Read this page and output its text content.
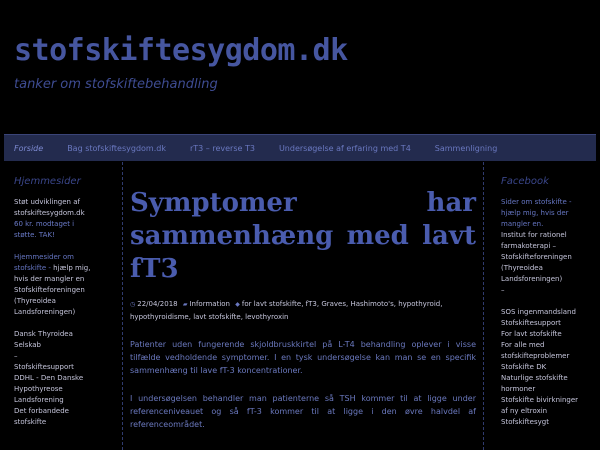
stofskiftesygdom.dk
tanker om stofskiftebehandling
Forside	Bag stofskiftesygdom.dk	rT3 – reverse T3	Undersøgelse af erfaring med T4	Sammenligning
Hjemmesider
Støt udviklingen af
stofskiftesygdom.dk
60 kr. modtaget i
støtte. TAK!
Hjemmesider om
stofskifte - hjælp mig,
hvis der mangler en
Stofskifteforeningen
(Thyreoidea
Landsforeningen)
Dansk Thyroidea
Selskab
–
Stofskiftesupport
DDHL - Den Danske
Hypothyreose
Landsforening
Det forbandede
stofskifte
Symptomer	har
sammenhæng med lavt
fT3
◷ 22/04/2018 ▰ Information ◆ for lavt stofskifte, fT3, Graves, Hashimoto's, hypothyroid,
hypothyroidisme, lavt stofskifte, levothyroxin

Patienter uden fungerende skjoldbruskkirtel på L-T4 behandling oplever i visse tilfælde vedholdende symptomer. I en tysk undersøgelse kan man se en specifik sammenhæng til lave fT-3 koncentrationer.

I undersøgelsen behandler man patienterne så TSH kommer til at ligge under referenceniveauet og så fT-3 kommer til at ligge i den øvre halvdel af referenceområdet.

Facebook
Sider om stofskifte -
hjælp mig, hvis der
mangler en.
Institut for rationel
farmakoterapi –
Stofskifteforeningen
(Thyreoidea
Landsforeningen)
–
SOS ingenmandsland
Stofskiftesupport
For lavt stofskifte
For alle med
stofskifteproblemer
Stofskifte DK
Naturlige stofskifte
hormoner
Stofskifte bivirkninger
af ny eltroxin
Stofskiftesygt
